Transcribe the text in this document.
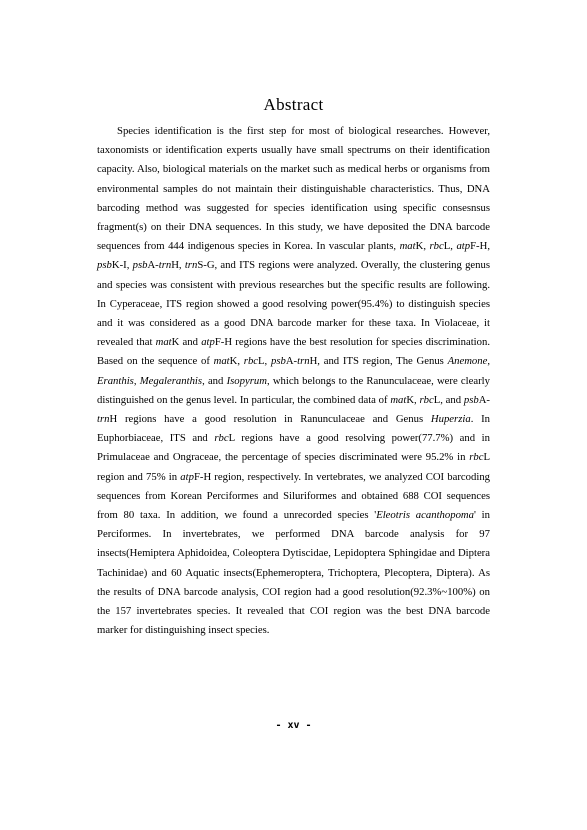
Abstract

Species identification is the first step for most of biological researches. However, taxonomists or identification experts usually have small spectrums on their identification capacity. Also, biological materials on the market such as medical herbs or organisms from environmental samples do not maintain their distinguishable characteristics. Thus, DNA barcoding method was suggested for species identification using specific consesnsus fragment(s) on their DNA sequences. In this study, we have deposited the DNA barcode sequences from 444 indigenous species in Korea. In vascular plants, matK, rbcL, atpF-H, psbK-I, psbA-trnH, trnS-G, and ITS regions were analyzed. Overally, the clustering genus and species was consistent with previous researches but the specific results are following. In Cyperaceae, ITS region showed a good resolving power(95.4%) to distinguish species and it was considered as a good DNA barcode marker for these taxa. In Violaceae, it revealed that matK and atpF-H regions have the best resolution for species discrimination. Based on the sequence of matK, rbcL, psbA-trnH, and ITS region, The Genus Anemone, Eranthis, Megaleranthis, and Isopyrum, which belongs to the Ranunculaceae, were clearly distinguished on the genus level. In particular, the combined data of matK, rbcL, and psbA-trnH regions have a good resolution in Ranunculaceae and Genus Huperzia. In Euphorbiaceae, ITS and rbcL regions have a good resolving power(77.7%) and in Primulaceae and Ongraceae, the percentage of species discriminated were 95.2% in rbcL region and 75% in atpF-H region, respectively. In vertebrates, we analyzed COI barcoding sequences from Korean Perciformes and Siluriformes and obtained 688 COI sequences from 80 taxa. In addition, we found a unrecorded species 'Eleotris acanthopoma' in Perciformes. In invertebrates, we performed DNA barcode analysis for 97 insects(Hemiptera Aphidoidea, Coleoptera Dytiscidae, Lepidoptera Sphingidae and Diptera Tachinidae) and 60 Aquatic insects(Ephemeroptera, Trichoptera, Plecoptera, Diptera). As the results of DNA barcode analysis, COI region had a good resolution(92.3%~100%) on the 157 invertebrates species. It revealed that COI region was the best DNA barcode marker for distinguishing insect species.

- xv -
